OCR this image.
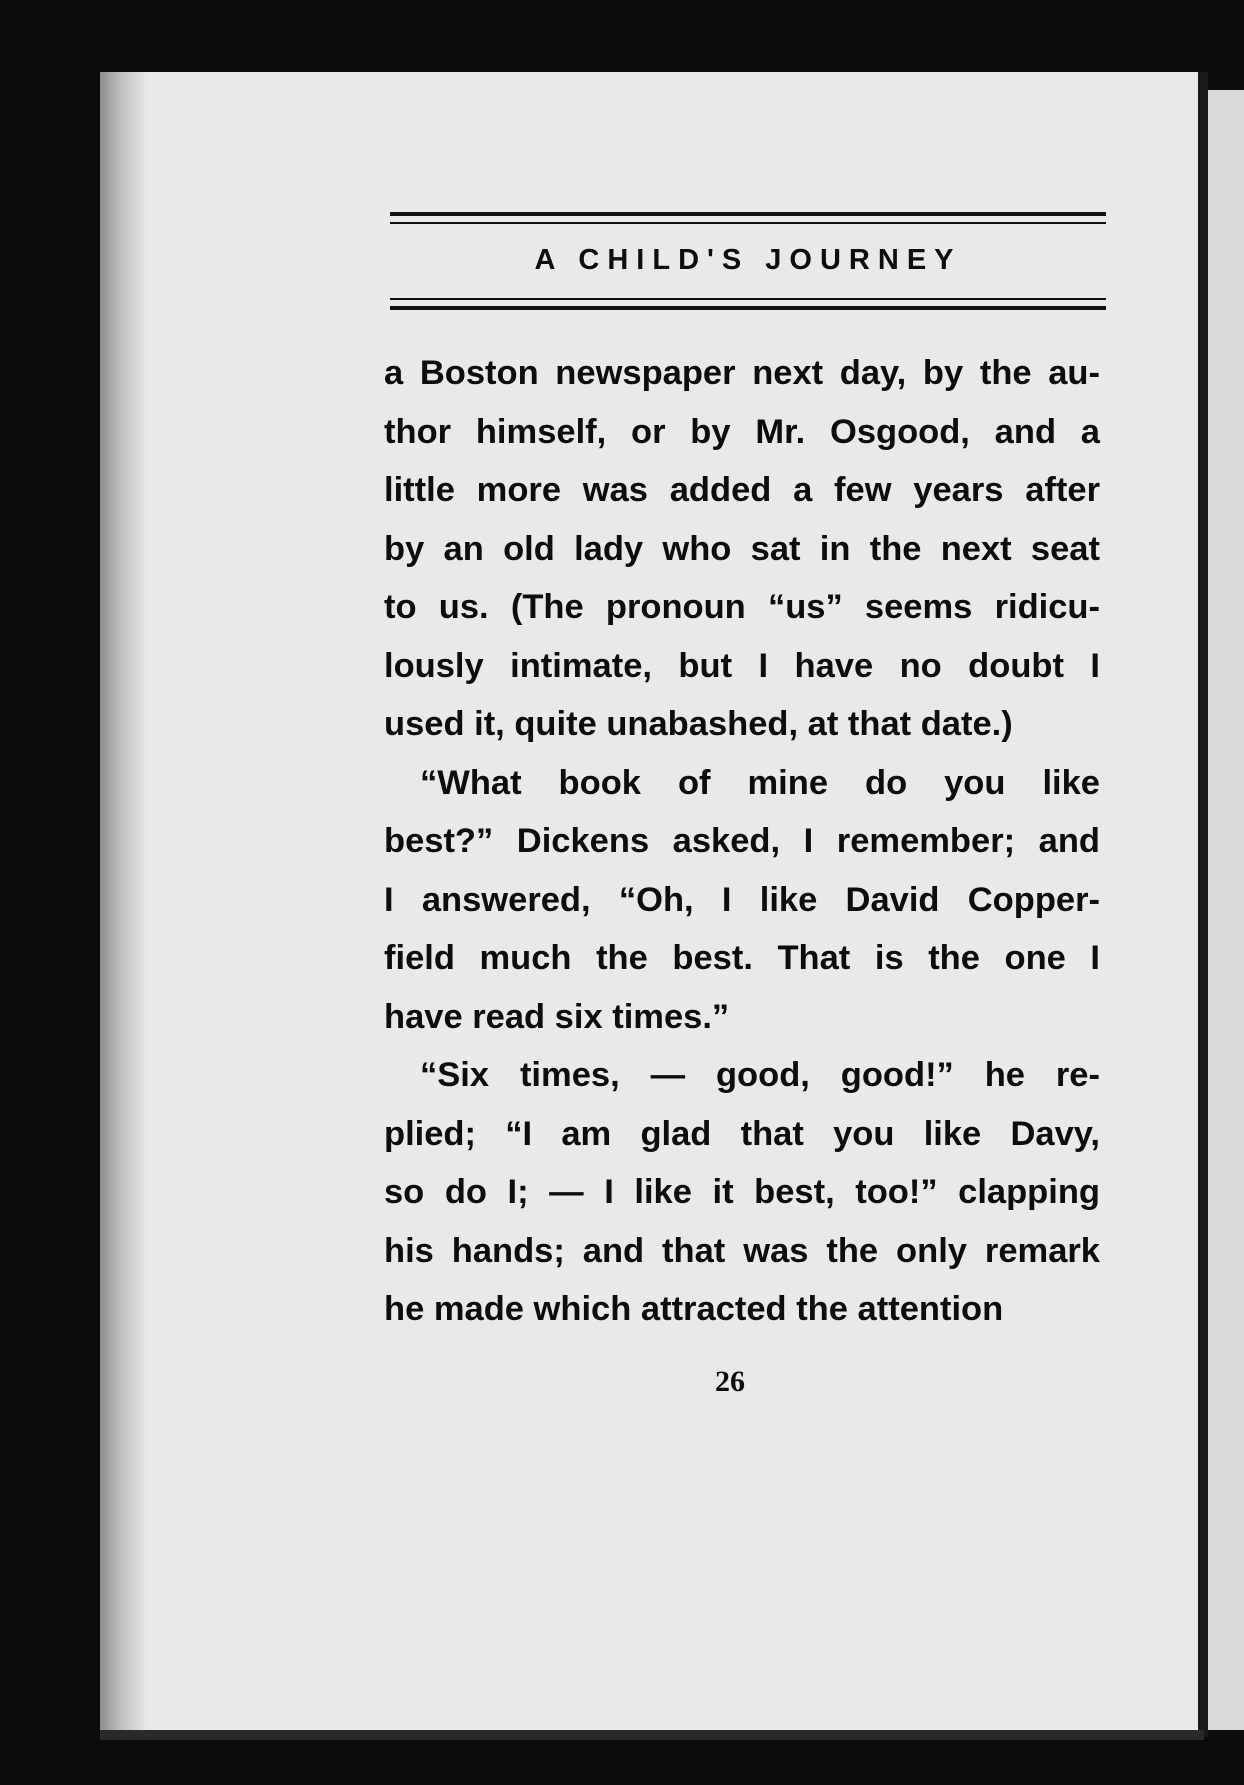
A CHILD'S JOURNEY
a Boston newspaper next day, by the au-
thor himself, or by Mr. Osgood, and a
little more was added a few years after
by an old lady who sat in the next seat
to us. (The pronoun “us” seems ridicu-
lously intimate, but I have no doubt I
used it, quite unabashed, at that date.)
“What book of mine do you like
best?” Dickens asked, I remember; and
I answered, “Oh, I like David Copper-
field much the best. That is the one I
have read six times.”
“Six times, — good, good!” he re-
plied; “I am glad that you like Davy,
so do I; — I like it best, too!” clapping
his hands; and that was the only remark
he made which attracted the attention
26
